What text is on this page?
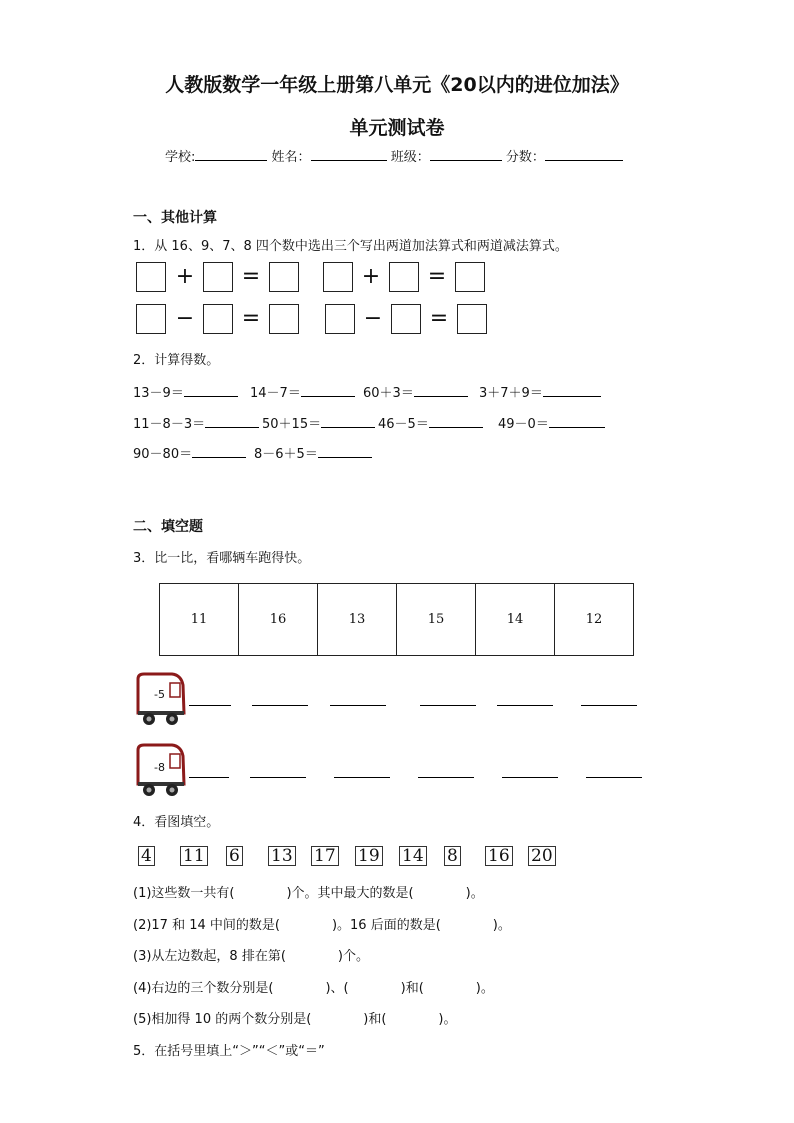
人教版数学一年级上册第八单元《20以内的进位加法》
单元测试卷
学校:	姓名：	班级：	分数：
一、其他计算
1．从 16、9、7、8 四个数中选出三个写出两道加法算式和两道减法算式。
+ =	+ =
− =	− =
2．计算得数。
13－9＝	14－7＝	60＋3＝	3＋7＋9＝
11－8－3＝	50＋15＝	46－5＝	49－0＝
90－80＝	8－6＋5＝
二、填空题
3．比一比，看哪辆车跑得快。
11	16	13	15	14	12
-5
-8
4．看图填空。
4 11 6 13 17 19 14 8 16 20
(1)这些数一共有(　　　　)个。其中最大的数是(　　　　)。
(2)17 和 14 中间的数是(　　　　)。16 后面的数是(　　　　)。
(3)从左边数起，8 排在第(　　　　)个。
(4)右边的三个数分别是(　　　　)、(　　　　)和(　　　　)。
(5)相加得 10 的两个数分别是(　　　　)和(　　　　)。
5．在括号里填上“＞”“＜”或“＝”
